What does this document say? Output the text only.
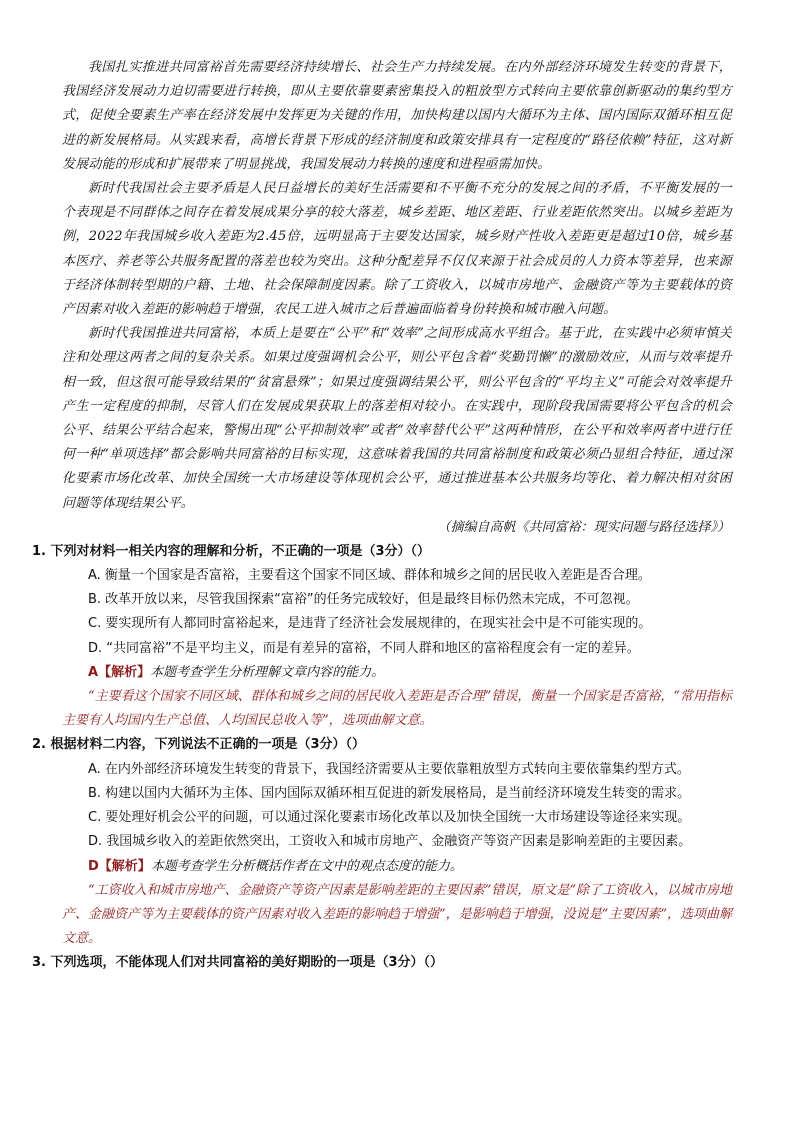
我国扎实推进共同富裕首先需要经济持续增长、社会生产力持续发展。在内外部经济环境发生转变的背景下，我国经济发展动力迫切需要进行转换，即从主要依靠要素密集投入的粗放型方式转向主要依靠创新驱动的集约型方式，促使全要素生产率在经济发展中发挥更为关键的作用，加快构建以国内大循环为主体、国内国际双循环相互促进的新发展格局。从实践来看，高增长背景下形成的经济制度和政策安排具有一定程度的“路径依赖”特征，这对新发展动能的形成和扩展带来了明显挑战，我国发展动力转换的速度和进程亟需加快。

新时代我国社会主要矛盾是人民日益增长的美好生活需要和不平衡不充分的发展之间的矛盾，不平衡发展的一个表现是不同群体之间存在着发展成果分享的较大落差，城乡差距、地区差距、行业差距依然突出。以城乡差距为例，2022年我国城乡收入差距为2.45倍，远明显高于主要发达国家，城乡财产性收入差距更是超过10倍，城乡基本医疗、养老等公共服务配置的落差也较为突出。这种分配差异不仅仅来源于社会成员的人力资本等差异，也来源于经济体制转型期的户籍、土地、社会保障制度因素。除了工资收入，以城市房地产、金融资产等为主要载体的资产因素对收入差距的影响趋于增强，农民工进入城市之后普遍面临着身份转换和城市融入问题。

新时代我国推进共同富裕，本质上是要在“公平”和“效率”之间形成高水平组合。基于此，在实践中必须审慎关注和处理这两者之间的复杂关系。如果过度强调机会公平，则公平包含着“奖勤罚懒”的激励效应，从而与效率提升相一致，但这很可能导致结果的“贫富悬殊”；如果过度强调结果公平，则公平包含的“平均主义”可能会对效率提升产生一定程度的抑制，尽管人们在发展成果获取上的落差相对较小。在实践中，现阶段我国需要将公平包含的机会公平、结果公平结合起来，警惕出现“公平抑制效率”或者“效率替代公平”这两种情形，在公平和效率两者中进行任何一种“单项选择”都会影响共同富裕的目标实现，这意味着我国的共同富裕制度和政策必须凸显组合特征，通过深化要素市场化改革、加快全国统一大市场建设等体现机会公平，通过推进基本公共服务均等化、着力解决相对贫困问题等体现结果公平。

（摘编自高帆《共同富裕：现实问题与路径选择》）

1. 下列对材料一相关内容的理解和分析，不正确的一项是（3分）（）

A. 衡量一个国家是否富裕，主要看这个国家不同区域、群体和城乡之间的居民收入差距是否合理。

B. 改革开放以来，尽管我国探索“富裕”的任务完成较好，但是最终目标仍然未完成，不可忽视。

C. 要实现所有人都同时富裕起来，是违背了经济社会发展规律的，在现实社会中是不可能实现的。

D. “共同富裕”不是平均主义，而是有差异的富裕，不同人群和地区的富裕程度会有一定的差异。

A【解析】本题考查学生分析理解文章内容的能力。

“主要看这个国家不同区域、群体和城乡之间的居民收入差距是否合理”错误，衡量一个国家是否富裕，“常用指标主要有人均国内生产总值、人均国民总收入等”，选项曲解文意。

2. 根据材料二内容，下列说法不正确的一项是（3分）（）

A. 在内外部经济环境发生转变的背景下，我国经济需要从主要依靠粗放型方式转向主要依靠集约型方式。

B. 构建以国内大循环为主体、国内国际双循环相互促进的新发展格局，是当前经济环境发生转变的需求。

C. 要处理好机会公平的问题，可以通过深化要素市场化改革以及加快全国统一大市场建设等途径来实现。

D. 我国城乡收入的差距依然突出，工资收入和城市房地产、金融资产等资产因素是影响差距的主要因素。

D【解析】本题考查学生分析概括作者在文中的观点态度的能力。

“工资收入和城市房地产、金融资产等资产因素是影响差距的主要因素”错误，原文是“除了工资收入，以城市房地产、金融资产等为主要载体的资产因素对收入差距的影响趋于增强”，是影响趋于增强，没说是“主要因素”，选项曲解文意。

3. 下列选项，不能体现人们对共同富裕的美好期盼的一项是（3分）（）
